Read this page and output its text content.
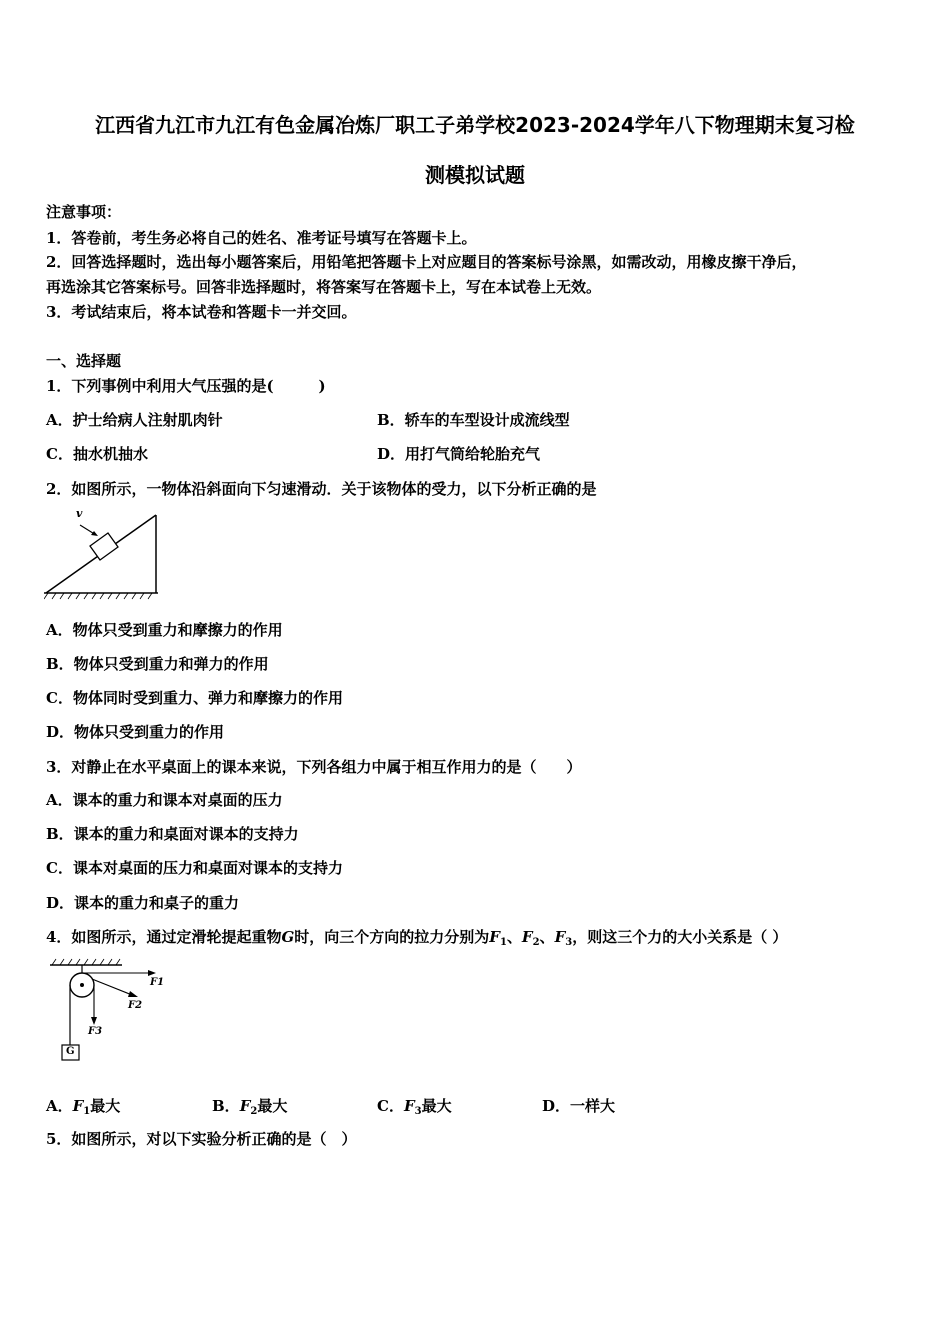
江西省九江市九江有色金属冶炼厂职工子弟学校2023-2024学年八下物理期末复习检
测模拟试题
注意事项：
1．答卷前，考生务必将自己的姓名、准考证号填写在答题卡上。
2．回答选择题时，选出每小题答案后，用铅笔把答题卡上对应题目的答案标号涂黑，如需改动，用橡皮擦干净后，
再选涂其它答案标号。回答非选择题时，将答案写在答题卡上，写在本试卷上无效。
3．考试结束后，将本试卷和答题卡一并交回。
一、选择题
1．下列事例中利用大气压强的是(　　　)
A．护士给病人注射肌肉针	B．轿车的车型设计成流线型
C．抽水机抽水	D．用打气筒给轮胎充气
2．如图所示，一物体沿斜面向下匀速滑动．关于该物体的受力，以下分析正确的是
v
A．物体只受到重力和摩擦力的作用
B．物体只受到重力和弹力的作用
C．物体同时受到重力、弹力和摩擦力的作用
D．物体只受到重力的作用
3．对静止在水平桌面上的课本来说，下列各组力中属于相互作用力的是（　　）
A．课本的重力和课本对桌面的压力
B．课本的重力和桌面对课本的支持力
C．课本对桌面的压力和桌面对课本的支持力
D．课本的重力和桌子的重力
4．如图所示，通过定滑轮提起重物G时，向三个方向的拉力分别为$F_1$、$F_2$、$F_3$，则这三个力的大小关系是（ ）
F1
F2
F3
G
A．$F_1$最大	B．$F_2$最大	C．$F_3$最大	D．一样大
5．如图所示，对以下实验分析正确的是（　）
